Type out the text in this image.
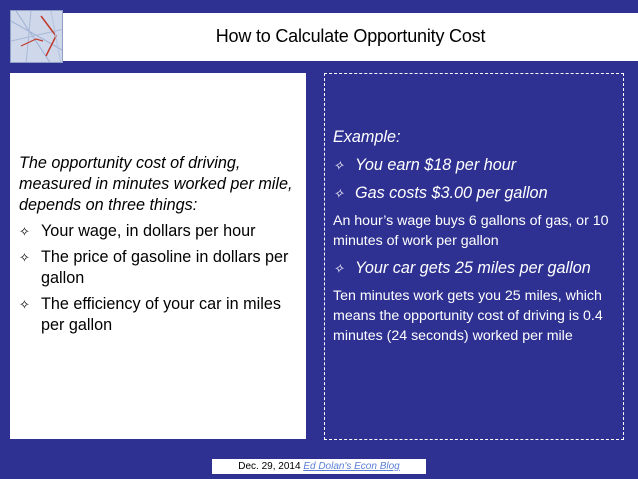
How to Calculate Opportunity Cost
The opportunity cost of driving, measured in minutes worked per mile, depends on three things:
✧ Your wage, in dollars per hour
✧ The price of gasoline in dollars per gallon
✧ The efficiency of your car in miles per gallon
Example:
✧ You earn $18 per hour
✧ Gas costs $3.00 per gallon
An hour’s wage buys 6 gallons of gas, or 10 minutes of work per gallon
✧ Your car gets 25 miles per gallon
Ten minutes work gets you 25 miles, which means the opportunity cost of driving is 0.4 minutes (24 seconds) worked per mile
Dec. 29, 2014 Ed Dolan's Econ Blog
